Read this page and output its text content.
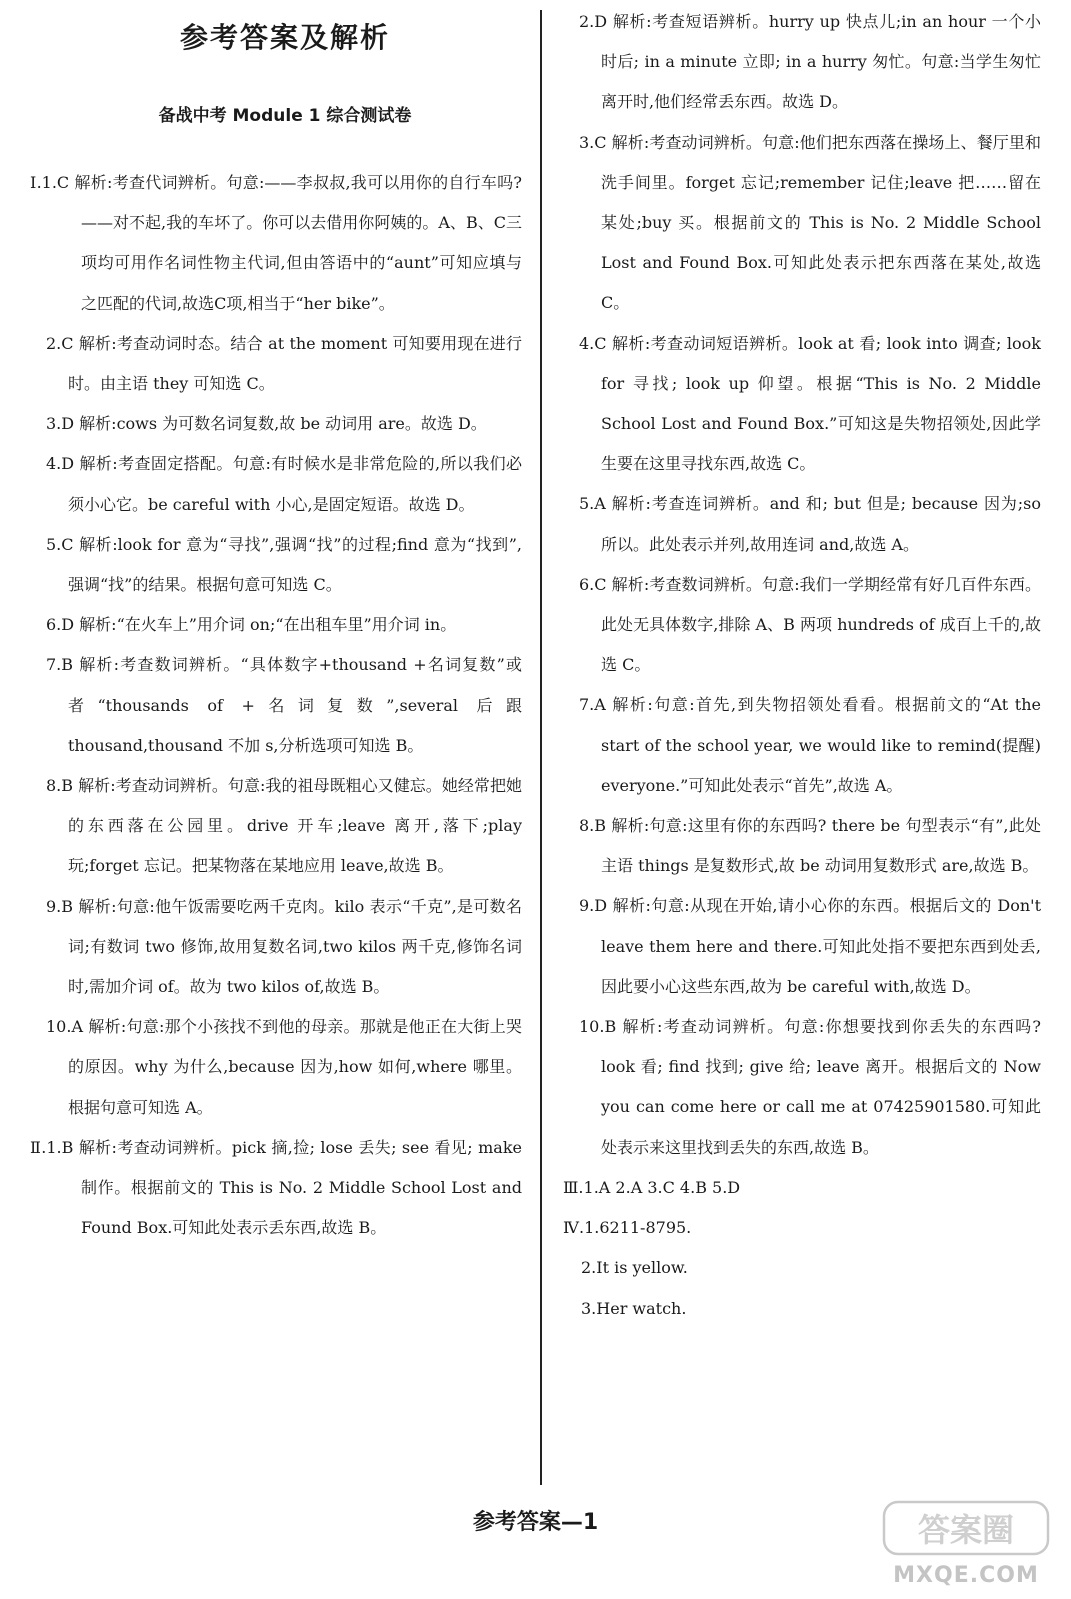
参考答案及解析
备战中考 Module 1 综合测试卷

Ⅰ.1.C 解析:考查代词辨析。句意:——李叔叔,我可以用你的自行车吗?——对不起,我的车坏了。你可以去借用你阿姨的。A、B、C三项均可用作名词性物主代词,但由答语中的“aunt”可知应填与之匹配的代词,故选C项,相当于“her bike”。

2.C 解析:考查动词时态。结合 at the moment 可知要用现在进行时。由主语 they 可知选 C。

3.D 解析:cows 为可数名词复数,故 be 动词用 are。故选 D。

4.D 解析:考查固定搭配。句意:有时候水是非常危险的,所以我们必须小心它。be careful with 小心,是固定短语。故选 D。

5.C 解析:look for 意为“寻找”,强调“找”的过程;find 意为“找到”,强调“找”的结果。根据句意可知选 C。

6.D 解析:“在火车上”用介词 on;“在出租车里”用介词 in。

7.B 解析:考查数词辨析。“具体数字+thousand +名词复数”或者“thousands of +名词复数”,several 后跟 thousand,thousand 不加 s,分析选项可知选 B。

8.B 解析:考查动词辨析。句意:我的祖母既粗心又健忘。她经常把她的东西落在公园里。drive 开车;leave 离开,落下;play 玩;forget 忘记。把某物落在某地应用 leave,故选 B。

9.B 解析:句意:他午饭需要吃两千克肉。kilo 表示“千克”,是可数名词;有数词 two 修饰,故用复数名词,two kilos 两千克,修饰名词时,需加介词 of。故为 two kilos of,故选 B。

10.A 解析:句意:那个小孩找不到他的母亲。那就是他正在大街上哭的原因。why 为什么,because 因为,how 如何,where 哪里。根据句意可知选 A。

Ⅱ.1.B 解析:考查动词辨析。pick 摘,捡; lose 丢失; see 看见; make 制作。根据前文的 This is No. 2 Middle School Lost and Found Box.可知此处表示丢东西,故选 B。

2.D 解析:考查短语辨析。hurry up 快点儿;in an hour 一个小时后; in a minute 立即; in a hurry 匆忙。句意:当学生匆忙离开时,他们经常丢东西。故选 D。

3.C 解析:考查动词辨析。句意:他们把东西落在操场上、餐厅里和洗手间里。forget 忘记;remember 记住;leave 把……留在某处;buy 买。根据前文的 This is No. 2 Middle School Lost and Found Box.可知此处表示把东西落在某处,故选 C。

4.C 解析:考查动词短语辨析。look at 看; look into 调查; look for 寻找; look up 仰望。根据“This is No. 2 Middle School Lost and Found Box.”可知这是失物招领处,因此学生要在这里寻找东西,故选 C。

5.A 解析:考查连词辨析。and 和; but 但是; because 因为;so 所以。此处表示并列,故用连词 and,故选 A。

6.C 解析:考查数词辨析。句意:我们一学期经常有好几百件东西。此处无具体数字,排除 A、B 两项 hundreds of 成百上千的,故选 C。

7.A 解析:句意:首先,到失物招领处看看。根据前文的“At the start of the school year, we would like to remind(提醒) everyone.”可知此处表示“首先”,故选 A。

8.B 解析:句意:这里有你的东西吗? there be 句型表示“有”,此处主语 things 是复数形式,故 be 动词用复数形式 are,故选 B。

9.D 解析:句意:从现在开始,请小心你的东西。根据后文的 Don't leave them here and there.可知此处指不要把东西到处丢,因此要小心这些东西,故为 be careful with,故选 D。

10.B 解析:考查动词辨析。句意:你想要找到你丢失的东西吗? look 看; find 找到; give 给; leave 离开。根据后文的 Now you can come here or call me at 07425901580.可知此处表示来这里找到丢失的东西,故选 B。

Ⅲ.1.A 2.A 3.C 4.B 5.D

Ⅳ.1.6211-8795.

2.It is yellow.

3.Her watch.

参考答案—1	答案圈
MXQE.COM
